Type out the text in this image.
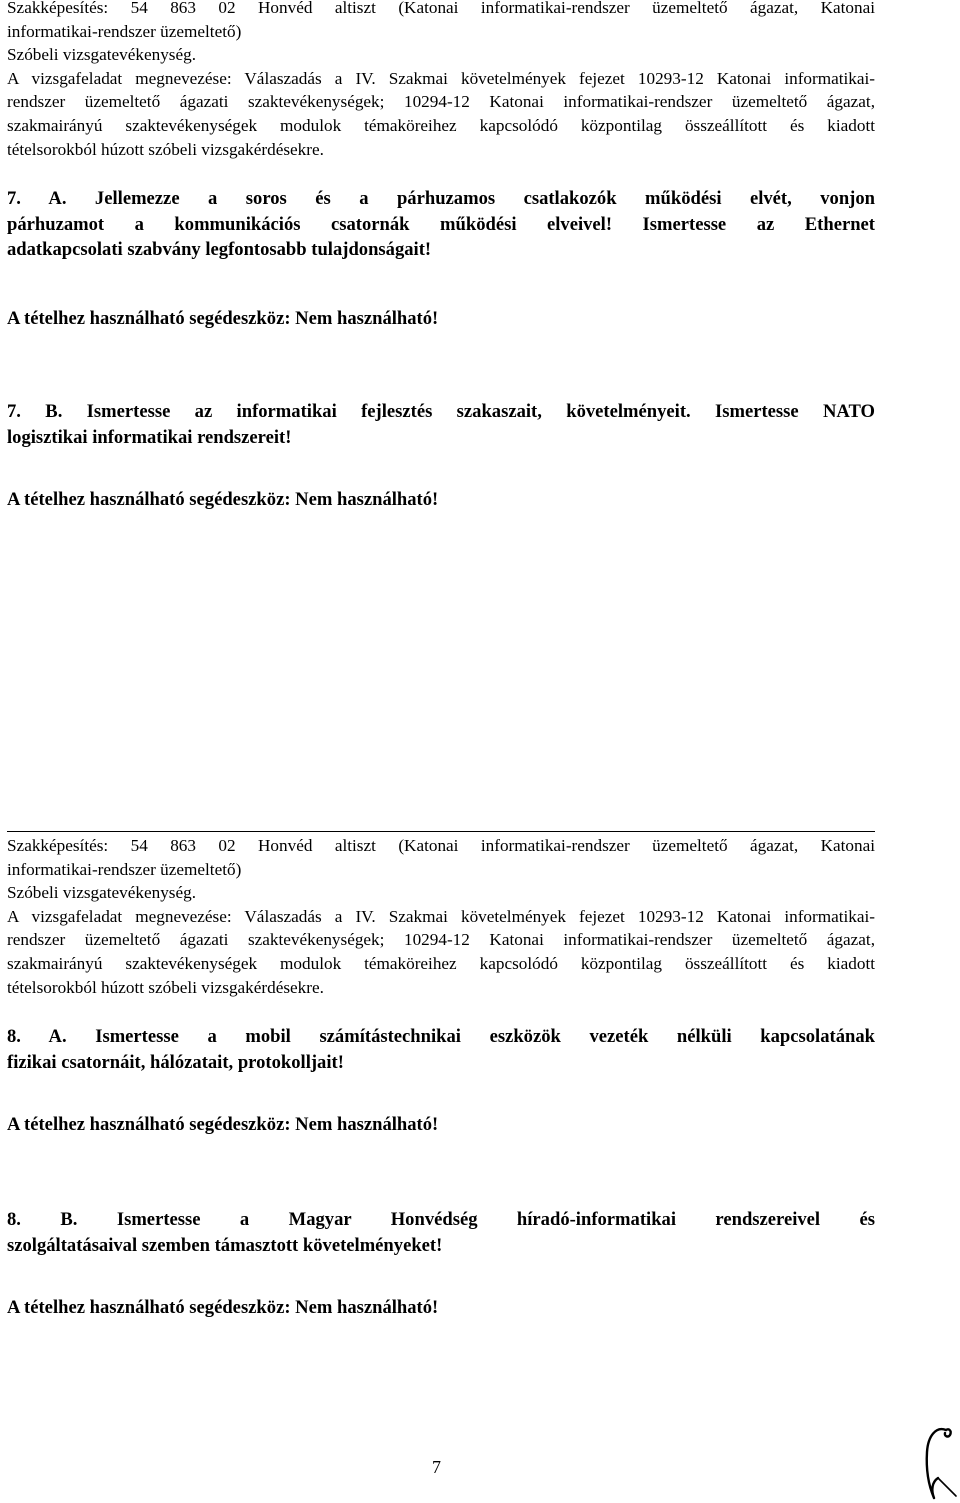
Szakképesítés: 54 863 02 Honvéd altiszt (Katonai informatikai-rendszer üzemeltető ágazat, Katonai
informatikai-rendszer üzemeltető)
Szóbeli vizsgatevékenység.
A vizsgafeladat megnevezése: Válaszadás a IV. Szakmai követelmények fejezet 10293-12 Katonai informatikai-
rendszer üzemeltető ágazati szaktevékenységek; 10294-12 Katonai informatikai-rendszer üzemeltető ágazat,
szakmairányú szaktevékenységek modulok témaköreihez kapcsolódó központilag összeállított és kiadott
tételsorokból húzott szóbeli vizsgakérdésekre.
7. A. Jellemezze a soros és a párhuzamos csatlakozók működési elvét, vonjon
párhuzamot a kommunikációs csatornák működési elveivel! Ismertesse az Ethernet
adatkapcsolati szabvány legfontosabb tulajdonságait!
A tételhez használható segédeszköz: Nem használható!
7. B. Ismertesse az informatikai fejlesztés szakaszait, követelményeit. Ismertesse NATO
logisztikai informatikai rendszereit!
A tételhez használható segédeszköz: Nem használható!
Szakképesítés: 54 863 02 Honvéd altiszt (Katonai informatikai-rendszer üzemeltető ágazat, Katonai
informatikai-rendszer üzemeltető)
Szóbeli vizsgatevékenység.
A vizsgafeladat megnevezése: Válaszadás a IV. Szakmai követelmények fejezet 10293-12 Katonai informatikai-
rendszer üzemeltető ágazati szaktevékenységek; 10294-12 Katonai informatikai-rendszer üzemeltető ágazat,
szakmairányú szaktevékenységek modulok témaköreihez kapcsolódó központilag összeállított és kiadott
tételsorokból húzott szóbeli vizsgakérdésekre.
8. A. Ismertesse a mobil számítástechnikai eszközök vezeték nélküli kapcsolatának
fizikai csatornáit, hálózatait, protokolljait!
A tételhez használható segédeszköz: Nem használható!
8. B. Ismertesse a Magyar Honvédség híradó-informatikai rendszereivel és
szolgáltatásaival szemben támasztott követelményeket!
A tételhez használható segédeszköz: Nem használható!
7
